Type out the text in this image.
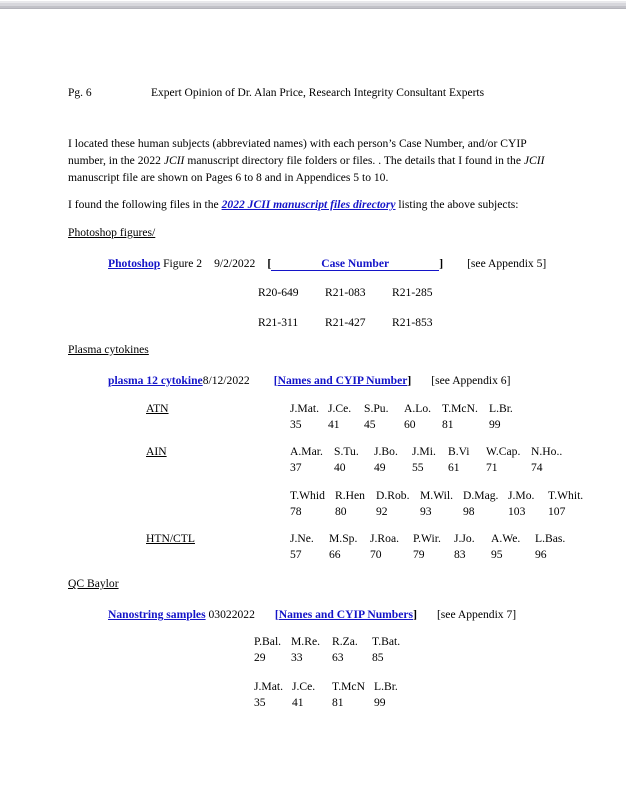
Pg. 6	Expert Opinion of Dr. Alan Price, Research Integrity Consultant Experts
I located these human subjects (abbreviated names) with each person’s Case Number, and/or CYIP number, in the 2022 JCII manuscript directory file folders or files. . The details that I found in the JCII manuscript file are shown on Pages 6 to 8 and in Appendices 5 to 10.
I found the following files in the 2022 JCII manuscript files directory listing the above subjects:
Photoshop figures/
Photoshop Figure 2 9/2/2022 [	Case Number	] [see Appendix 5]
R20-649 R21-083 R21-285
R21-311 R21-427 R21-853
Plasma cytokines
plasma 12 cytokine8/12/2022 [Names and CYIP Number] [see Appendix 6]
ATN	J.Mat. J.Ce. S.Pu. A.Lo. T.McN. L.Br.
35 41 45 60 81	99
AIN	A.Mar. S.Tu. J.Bo. J.Mi. B.Vi W.Cap. N.Ho..
37	40 49 55 61 71	74
T.Whid R.Hen D.Rob. M.Wil. D.Mag. J.Mo. T.Whit.
78	80	92	93	98	103 107
HTN/CTL	J.Ne. M.Sp. J.Roa. P.Wir. J.Jo. A.We. L.Bas.
57 66	70	79	83 95	96
QC Baylor
Nanostring samples 03022022 [Names and CYIP Numbers] [see Appendix 7]
P.Bal. M.Re. R.Za. T.Bat.
29 33	63 85
J.Mat. J.Ce. T.McN L.Br.
35 41 81	99
